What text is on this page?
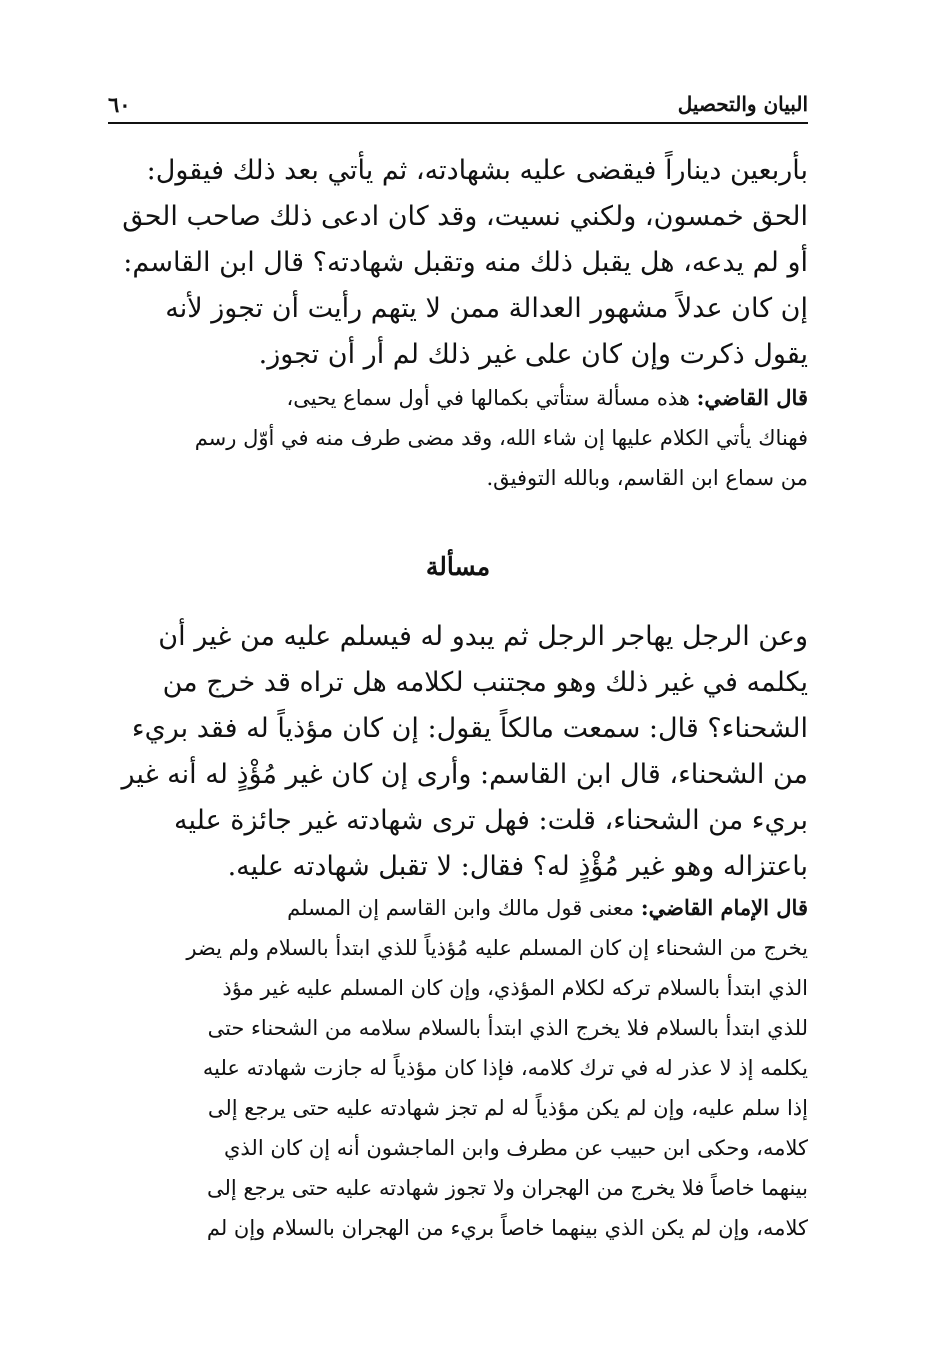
٦٠	البيان والتحصيل
بأربعين ديناراً فيقضى عليه بشهادته، ثم يأتي بعد ذلك فيقول:
الحق خمسون، ولكني نسيت، وقد كان ادعى ذلك صاحب الحق
أو لم يدعه، هل يقبل ذلك منه وتقبل شهادته؟ قال ابن القاسم:
إن كان عدلاً مشهور العدالة ممن لا يتهم رأيت أن تجوز لأنه
يقول ذكرت وإن كان على غير ذلك لم أر أن تجوز.
قال القاضي: هذه مسألة ستأتي بكمالها في أول سماع يحيى،
فهناك يأتي الكلام عليها إن شاء الله، وقد مضى طرف منه في أوّل رسم
من سماع ابن القاسم، وبالله التوفيق.
مسألة
وعن الرجل يهاجر الرجل ثم يبدو له فيسلم عليه من غير أن
يكلمه في غير ذلك وهو مجتنب لكلامه هل تراه قد خرج من
الشحناء؟ قال: سمعت مالكاً يقول: إن كان مؤذياً له فقد بريء
من الشحناء، قال ابن القاسم: وأرى إن كان غير مُؤْذٍ له أنه غير
بريء من الشحناء، قلت: فهل ترى شهادته غير جائزة عليه
باعتزاله وهو غير مُؤْذٍ له؟ فقال: لا تقبل شهادته عليه.
قال الإمام القاضي: معنى قول مالك وابن القاسم إن المسلم
يخرج من الشحناء إن كان المسلم عليه مُؤذياً للذي ابتدأ بالسلام ولم يضر
الذي ابتدأ بالسلام تركه لكلام المؤذي، وإن كان المسلم عليه غير مؤذ
للذي ابتدأ بالسلام فلا يخرج الذي ابتدأ بالسلام سلامه من الشحناء حتى
يكلمه إذ لا عذر له في ترك كلامه، فإذا كان مؤذياً له جازت شهادته عليه
إذا سلم عليه، وإن لم يكن مؤذياً له لم تجز شهادته عليه حتى يرجع إلى
كلامه، وحكى ابن حبيب عن مطرف وابن الماجشون أنه إن كان الذي
بينهما خاصاً فلا يخرج من الهجران ولا تجوز شهادته عليه حتى يرجع إلى
كلامه، وإن لم يكن الذي بينهما خاصاً بريء من الهجران بالسلام وإن لم
